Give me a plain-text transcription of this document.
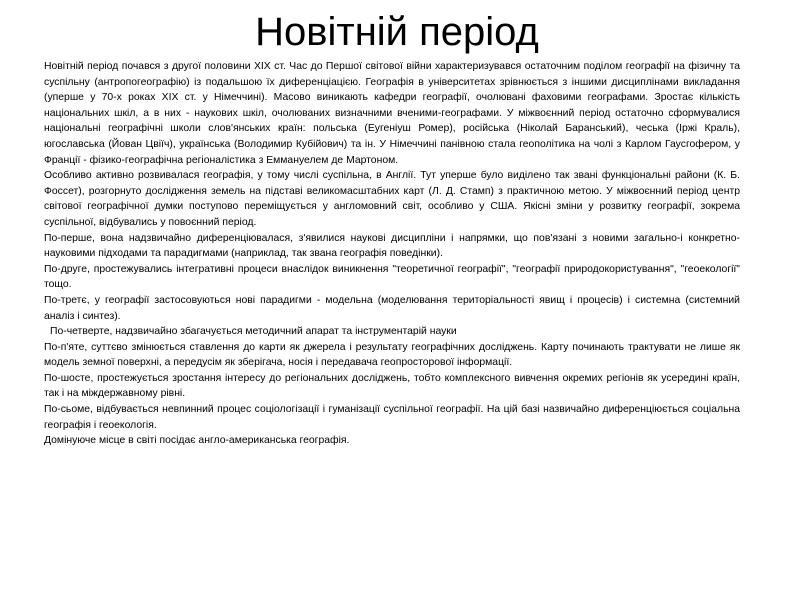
Новітній період

Новітній період почався з другої половини XIX ст. Час до Першої світової війни характеризувався остаточним поділом географії на фізичну та суспільну (антропогеографію) із подальшою їх диференціацією. Географія в університетах зрівнюється з іншими дисциплінами викладання (уперше у 70-х роках XIX ст. у Німеччині). Масово виникають кафедри географії, очолювані фаховими географами. Зростає кількість національних шкіл, а в них - наукових шкіл, очолюваних визначними вченими-географами. У міжвоєнний період остаточно сформувалися національні географічні школи слов'янських країн: польська (Еугеніуш Ромер), російська (Ніколай Баранський), чеська (Іржі Краль), югославська (Йован Цвіїч), українська (Володимир Кубійович) та ін. У Німеччині панівною стала геополітика на чолі з Карлом Гаусгофером, у Франції - фізико-географічна регіоналістика з Еммануелем де Мартоном.

Особливо активно розвивалася географія, у тому числі суспільна, в Англії. Тут уперше було виділено так звані функціональні райони (К. Б. Фоссет), розгорнуто дослідження земель на підставі великомасштабних карт (Л. Д. Стамп) з практичною метою. У міжвоєнний період центр світової географічної думки поступово переміщується у англомовний світ, особливо у США. Якісні зміни у розвитку географії, зокрема суспільної, відбувались у повоєнний період.

По-перше, вона надзвичайно диференціювалася, з'явилися наукові дисципліни і напрямки, що пов'язані з новими загально-і конкретно- науковими підходами та парадигмами (наприклад, так звана географія поведінки).

По-друге, простежувались інтегративні процеси внаслідок виникнення "теоретичної географії", "географії природокористування", "геоекології" тощо.

По-третє, у географії застосовуються нові парадигми - модельна (моделювання територіальності явищ і процесів) і системна (системний аналіз і синтез).

По-четверте, надзвичайно збагачується методичний апарат та інструментарій науки

По-п'яте, суттєво змінюється ставлення до карти як джерела і результату географічних досліджень. Карту починають трактувати не лише як модель земної поверхні, а передусім як зберігача, носія і передавача геопросторової інформації.

По-шосте, простежується зростання інтересу до регіональних досліджень, тобто комплексного вивчення окремих регіонів як усередині країн, так і на міждержавному рівні.

По-сьоме, відбувається невпинний процес соціологізації і гуманізації суспільної географії. На цій базі назвичайно диференціюється соціальна географія і геоекологія.

Домінуюче місце в світі посідає англо-американська географія.
